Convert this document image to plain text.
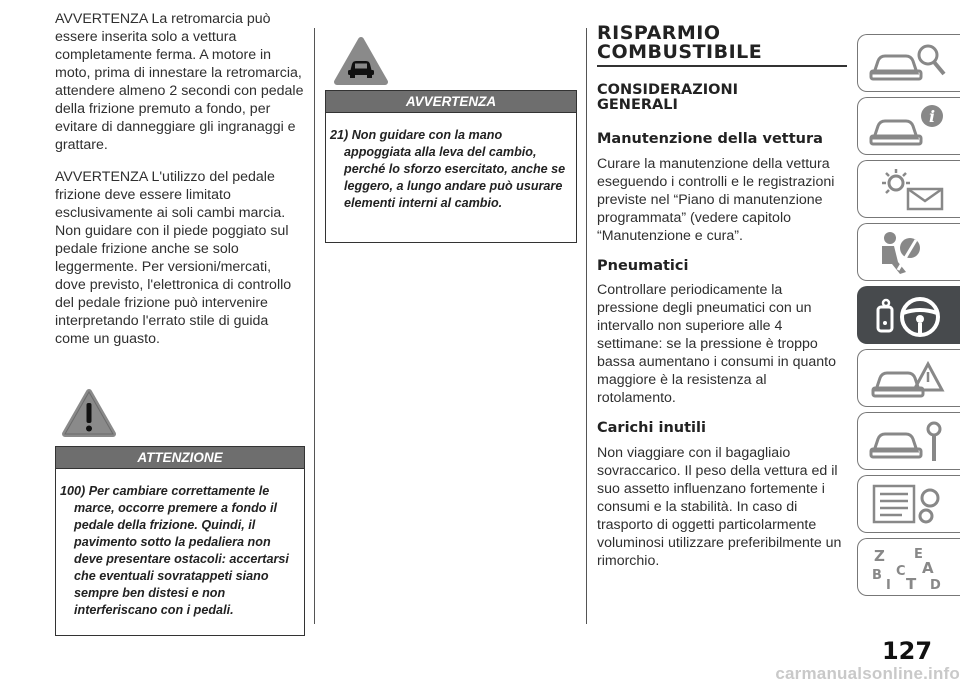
AVVERTENZA La retromarcia può essere inserita solo a vettura completamente ferma. A motore in moto, prima di innestare la retromarcia, attendere almeno 2 secondi con pedale della frizione premuto a fondo, per evitare di danneggiare gli ingranaggi e grattare.

AVVERTENZA L'utilizzo del pedale frizione deve essere limitato esclusivamente ai soli cambi marcia. Non guidare con il piede poggiato sul pedale frizione anche se solo leggermente. Per versioni/mercati, dove previsto, l'elettronica di controllo del pedale frizione può intervenire interpretando l'errato stile di guida come un guasto.

ATTENZIONE

100) Per cambiare correttamente le marce, occorre premere a fondo il pedale della frizione. Quindi, il pavimento sotto la pedaliera non deve presentare ostacoli: accertarsi che eventuali sovratappeti siano sempre ben distesi e non interferiscano con i pedali.

AVVERTENZA

21) Non guidare con la mano appoggiata alla leva del cambio, perché lo sforzo esercitato, anche se leggero, a lungo andare può usurare elementi interni al cambio.

RISPARMIO
COMBUSTIBILE
CONSIDERAZIONI
GENERALI
Manutenzione della vettura

Curare la manutenzione della vettura eseguendo i controlli e le registrazioni previste nel “Piano di manutenzione programmata” (vedere capitolo “Manutenzione e cura”.

Pneumatici

Controllare periodicamente la pressione degli pneumatici con un intervallo non superiore alle 4 settimane: se la pressione è troppo bassa aumentano i consumi in quanto maggiore è la resistenza al rotolamento.

Carichi inutili

Non viaggiare con il bagagliaio sovraccarico. Il peso della vettura ed il suo assetto influenzano fortemente i consumi e la stabilità. In caso di trasporto di oggetti particolarmente voluminosi utilizzare preferibilmente un rimorchio.

i
Z E
A
B C
D
T
I
127
carmanualsonline.info
